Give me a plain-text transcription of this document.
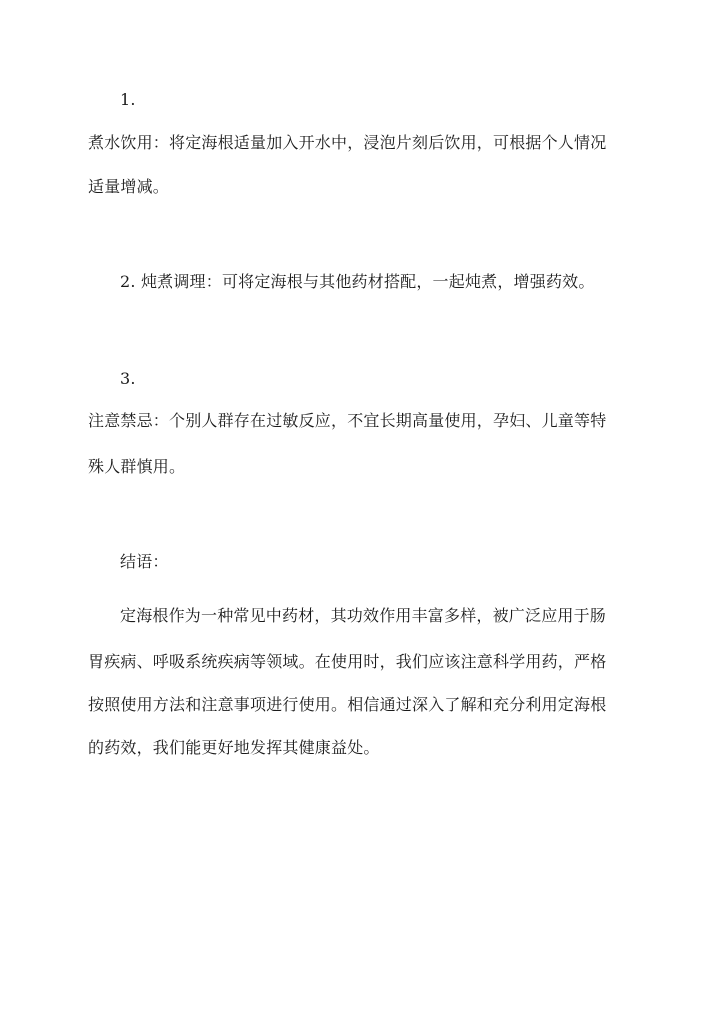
1.
煮水饮用：将定海根适量加入开水中，浸泡片刻后饮用，可根据个人情况
适量增减。
2. 炖煮调理：可将定海根与其他药材搭配，一起炖煮，增强药效。
3.
注意禁忌：个别人群存在过敏反应，不宜长期高量使用，孕妇、儿童等特
殊人群慎用。
结语：
定海根作为一种常见中药材，其功效作用丰富多样，被广泛应用于肠
胃疾病、呼吸系统疾病等领域。在使用时，我们应该注意科学用药，严格
按照使用方法和注意事项进行使用。相信通过深入了解和充分利用定海根
的药效，我们能更好地发挥其健康益处。
